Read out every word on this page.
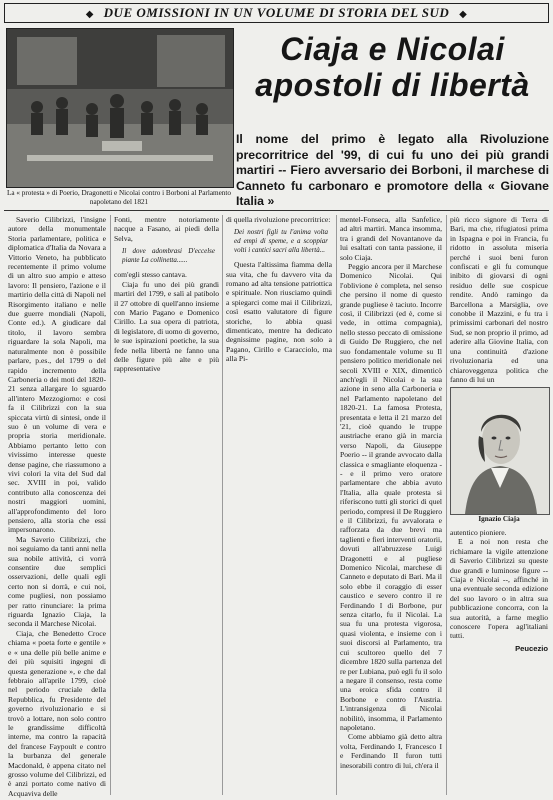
◆ DUE OMISSIONI IN UN VOLUME DI STORIA DEL SUD ◆
La « protesta » di Poerio, Dragonetti e Nicolai contro i Borboni al Parlamento napoletano del 1821
Ciaja e Nicolai
apostoli di libertà
Il nome del primo è legato alla Rivoluzione precorritrice del '99, di cui fu uno dei più grandi martiri -- Fiero avversario dei Borboni, il marchese di Canneto fu carbonaro e promotore della « Giovane Italia »

Saverio Cilibrizzi, l'insigne autore della monumentale Storia parlamentare, politica e diplomatica d'Italia da Novara a Vittorio Veneto, ha pubblicato recentemente il primo volume di un altro suo ampio e atteso lavoro: Il pensiero, l'azione e il martirio della città di Napoli nel Risorgimento italiano e nelle due guerre mondiali (Napoli, Conte ed.). A giudicare dal titolo, il lavoro sembra riguardare la sola Napoli, ma naturalmente non è possibile parlare, p.es., del 1799 o del rapido incremento della Carboneria o dei moti del 1820-21 senza allargare lo sguardo all'intero Mezzogiorno: e così fa il Cilibrizzi con la sua spiccata virtù di sintesi, onde il suo è un volume di vera e propria storia meridionale. Abbiamo pertanto letto con vivissimo interesse queste dense pagine, che riassumono a vivi colori la vita del Sud dal sec. XVIII in poi, valido contributo alla conoscenza dei nostri maggiori uomini, all'approfondimento del loro pensiero, alla storia che essi impersonarono.

Ma Saverio Cilibrizzi, che noi seguiamo da tanti anni nella sua nobile attività, ci vorrà consentire due semplici osservazioni, delle quali egli certo non si dorrà, e cui noi, come pugliesi, non possiamo per ratto rinunciare: la prima riguarda Ignazio Ciaja, la seconda il Marchese Nicolai.

Ciaja, che Benedetto Croce chiama « poeta forte e gentile » e « una delle più belle anime e dei più squisiti ingegni di questa generazione », e che dal febbraio all'aprile 1799, cioè nel periodo cruciale della Repubblica, fu Presidente del governo rivoluzionario e si trovò a lottare, non solo contro le grandissime difficoltà interne, ma contro la rapacità del francese Faypoult e contro la burbanza del generale Macdonald, è appena citato nel grosso volume del Cilibrizzi, ed è anzi portato come nativo di Acquaviva delle

Fonti, mentre notoriamente nacque a Fasano, ai piedi della Selva,

Il dove adombrasi D'eccelse piante La collinetta......

com'egli stesso cantava.

Ciaja fu uno dei più grandi martiri del 1799, e salì al patibolo il 27 ottobre di quell'anno insieme con Mario Pagano e Domenico Cirillo. La sua opera di patriota, di legislatore, di uomo di governo, le sue ispirazioni poetiche, la sua fede nella libertà ne fanno una delle figure più alte e più rappresentative

di quella rivoluzione precorritrice:

Dei nostri figli tu l'anima volta ed empi di speme, e a scoppiar volti i cantici sacri alla libertà...

Questa l'altissima fiamma della sua vita, che fu davvero vita da romano ad alta tensione patriottica e spirituale. Non riusciamo quindi a spiegarci come mai il Cilibrizzi, così esatto valutatore di figure storiche, lo abbia quasi dimenticato, mentre ha dedicato degnissime pagine, non solo a Pagano, Cirillo e Caracciolo, ma alla Pi-

mentel-Fonseca, alla Sanfelice, ad altri martiri. Manca insomma, tra i grandi del Novantanove da lui esaltati con tanta passione, il solo Ciaja.

Peggio ancora per il Marchese Domenico Nicolai. Qui l'oblivione è completa, nel senso che persino il nome di questo grande pugliese è taciuto. Incorre così, il Cilibrizzi (ed è, come si vede, in ottima compagnia), nello stesso peccato di omissione di Guido De Ruggiero, che nel suo fondamentale volume su Il pensiero politico meridionale nei secoli XVIII e XIX, dimenticò anch'egli il Nicolai e la sua azione in seno alla Carboneria e nel Parlamento napoletano del 1820-21. La famosa Protesta, presentata e letta il 21 marzo del '21, cioè quando le truppe austriache erano già in marcia verso Napoli, da Giuseppe Poerio -- il grande avvocato dalla classica e smagliante eloquenza -- e il primo vero oratore parlamentare che abbia avuto l'Italia, alla quale protesta si riferiscono tutti gli storici di quel periodo, compresi il De Ruggiero e il Cilibrizzi, fu avvalorata e rafforzata da due brevi ma taglienti e fieri interventi oratorii, dovuti all'abruzzese Luigi Dragonetti e al pugliese Domenico Nicolai, marchese di Canneto e deputato di Bari. Ma il solo ebbe il coraggio di esser caustico e severo contro il re Ferdinando I di Borbone, pur senza citarlo, fu il Nicolai. La sua fu una protesta vigorosa, quasi violenta, e insieme con i suoi discorsi al Parlamento, tra cui scultoreo quello del 7 dicembre 1820 sulla partenza del re per Lubiana, può egli fu il solo a negare il consenso, resta come una eroica sfida contro il Borbone e contro l'Austria. L'intransigenza di Nicolai nobilitò, insomma, il Parlamento napoletano.

Come abbiamo già detto altra volta, Ferdinando I, Francesco I e Ferdinando II furon tutti inesorabili contro di lui, ch'era il

più ricco signore di Terra di Bari, ma che, rifugiatosi prima in Ispagna e poi in Francia, fu ridotto in assoluta miseria perché i suoi beni furon confiscati e gli fu comunque inibito di giovarsi di ogni residuo delle sue cospicue rendite. Andò ramingo da Barcellona a Marsiglia, ove conobbe il Mazzini, e fu tra i primissimi carbonari del nostro Sud, se non proprio il primo, ad aderire alla Giovine Italia, con una continuità d'azione rivoluzionaria ed una chiaroveggenza politica che fanno di lui un

Ignazio Ciaja

autentico pioniere.

E a noi non resta che richiamare la vigile attenzione di Saverio Cilibrizzi su queste due grandi e luminose figure -- Ciaja e Nicolai --, affinché in una eventuale seconda edizione del suo lavoro o in altra sua pubblicazione concorra, con la sua autorità, a farne meglio conoscere l'opera agl'italiani tutti.

Peucezio
